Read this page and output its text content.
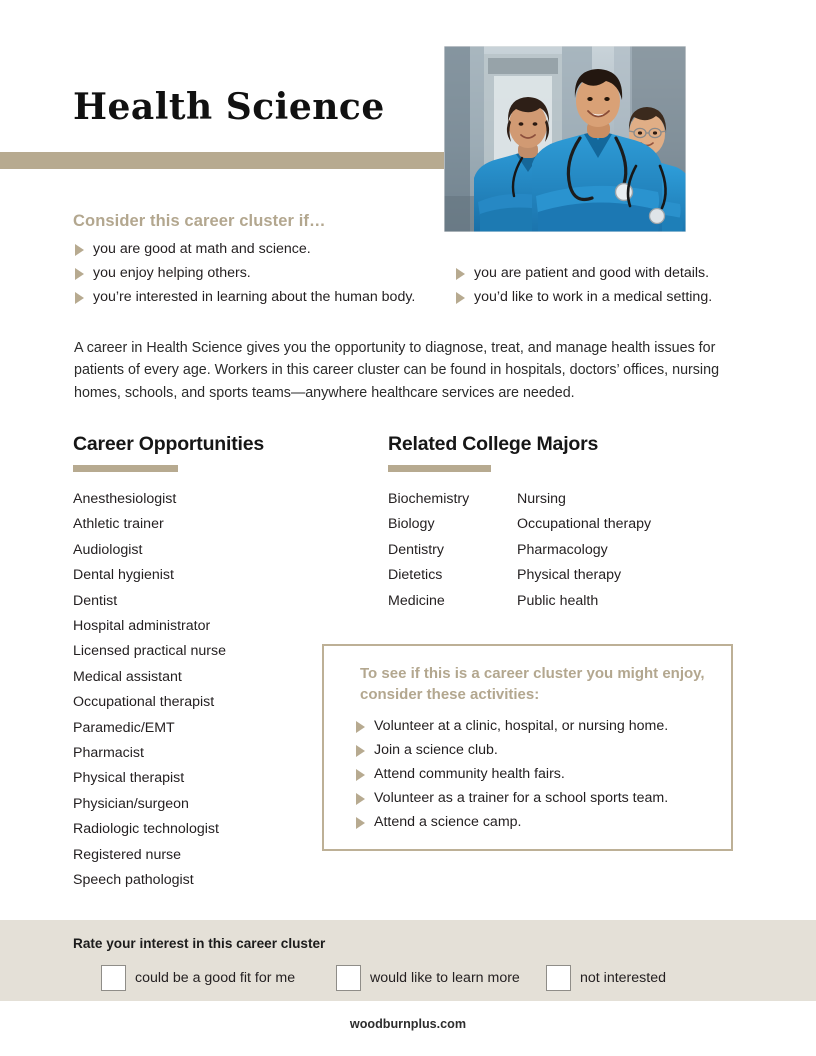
Health Science
Consider this career cluster if…
you are good at math and science.
you enjoy helping others.
you’re interested in learning about the human body.
you are patient and good with details.
you’d like to work in a medical setting.
A career in Health Science gives you the opportunity to diagnose, treat, and manage health issues for patients of every age. Workers in this career cluster can be found in hospitals, doctors’ offices, nursing homes, schools, and sports teams—anywhere healthcare services are needed.
Career Opportunities
Anesthesiologist
Athletic trainer
Audiologist
Dental hygienist
Dentist
Hospital administrator
Licensed practical nurse
Medical assistant
Occupational therapist
Paramedic/EMT
Pharmacist
Physical therapist
Physician/surgeon
Radiologic technologist
Registered nurse
Speech pathologist
Related College Majors
Biochemistry
Biology
Dentistry
Dietetics
Medicine
Nursing
Occupational therapy
Pharmacology
Physical therapy
Public health
To see if this is a career cluster you might enjoy, consider these activities:
Volunteer at a clinic, hospital, or nursing home.
Join a science club.
Attend community health fairs.
Volunteer as a trainer for a school sports team.
Attend a science camp.
Rate your interest in this career cluster
could be a good fit for me	would like to learn more	not interested
woodburnplus.com
